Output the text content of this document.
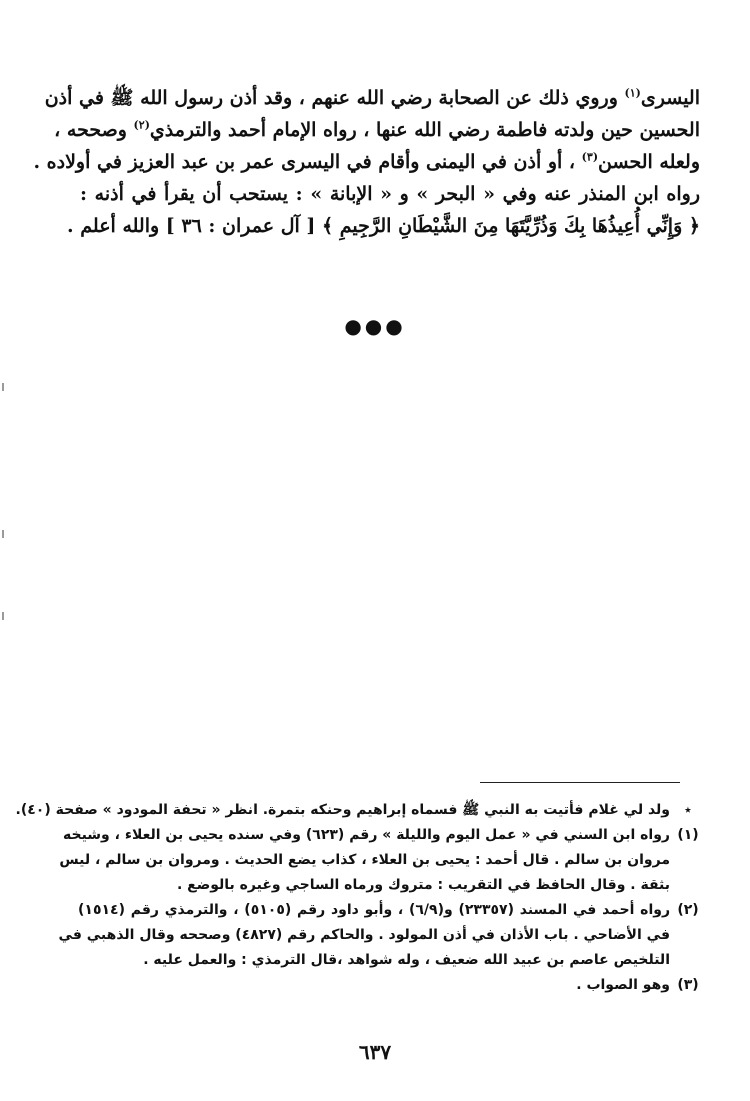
اليسرى$^{(١)}$ وروي ذلك عن الصحابة رضي الله عنهم ، وقد أذن رسول الله ﷺ في أذن
الحسين حين ولدته فاطمة رضي الله عنها ، رواه الإمام أحمد والترمذي$^{(٢)}$ وصححه ،
ولعله الحسن$^{(٣)}$ ، أو أذن في اليمنى وأقام في اليسرى عمر بن عبد العزيز في أولاده .
رواه ابن المنذر عنه وفي « البحر » و « الإبانة » : يستحب أن يقرأ في أذنه :
﴿ وَإِنِّي أُعِيذُهَا بِكَ وَذُرِّيَّتَهَا مِنَ الشَّيْطَانِ الرَّجِيمِ ﴾ [ آل عمران : ٣٦ ] والله أعلم .
●●●
٭
ولد لي غلام فأتيت به النبي ﷺ فسماه إبراهيم وحنكه بتمرة. انظر « تحفة المودود » صفحة (٤٠).
(١)
رواه ابن السني في « عمل اليوم والليلة » رقم (٦٢٣) وفي سنده يحيى بن العلاء ، وشيخه
مروان بن سالم . قال أحمد : يحيى بن العلاء ، كذاب يضع الحديث . ومروان بن سالم ، ليس
بثقة . وقال الحافظ في التقريب : متروك ورماه الساجي وغيره بالوضع .
(٢)
رواه أحمد في المسند (٢٣٣٥٧) و(٦/٩) ، وأبو داود رقم (٥١٠٥) ، والترمذي رقم (١٥١٤)
في الأضاحي . باب الأذان في أذن المولود . والحاكم رقم (٤٨٢٧) وصححه وقال الذهبي في
التلخيص عاصم بن عبيد الله ضعيف ، وله شواهد ،قال الترمذي : والعمل عليه .
(٣)
وهو الصواب .
٦٣٧
